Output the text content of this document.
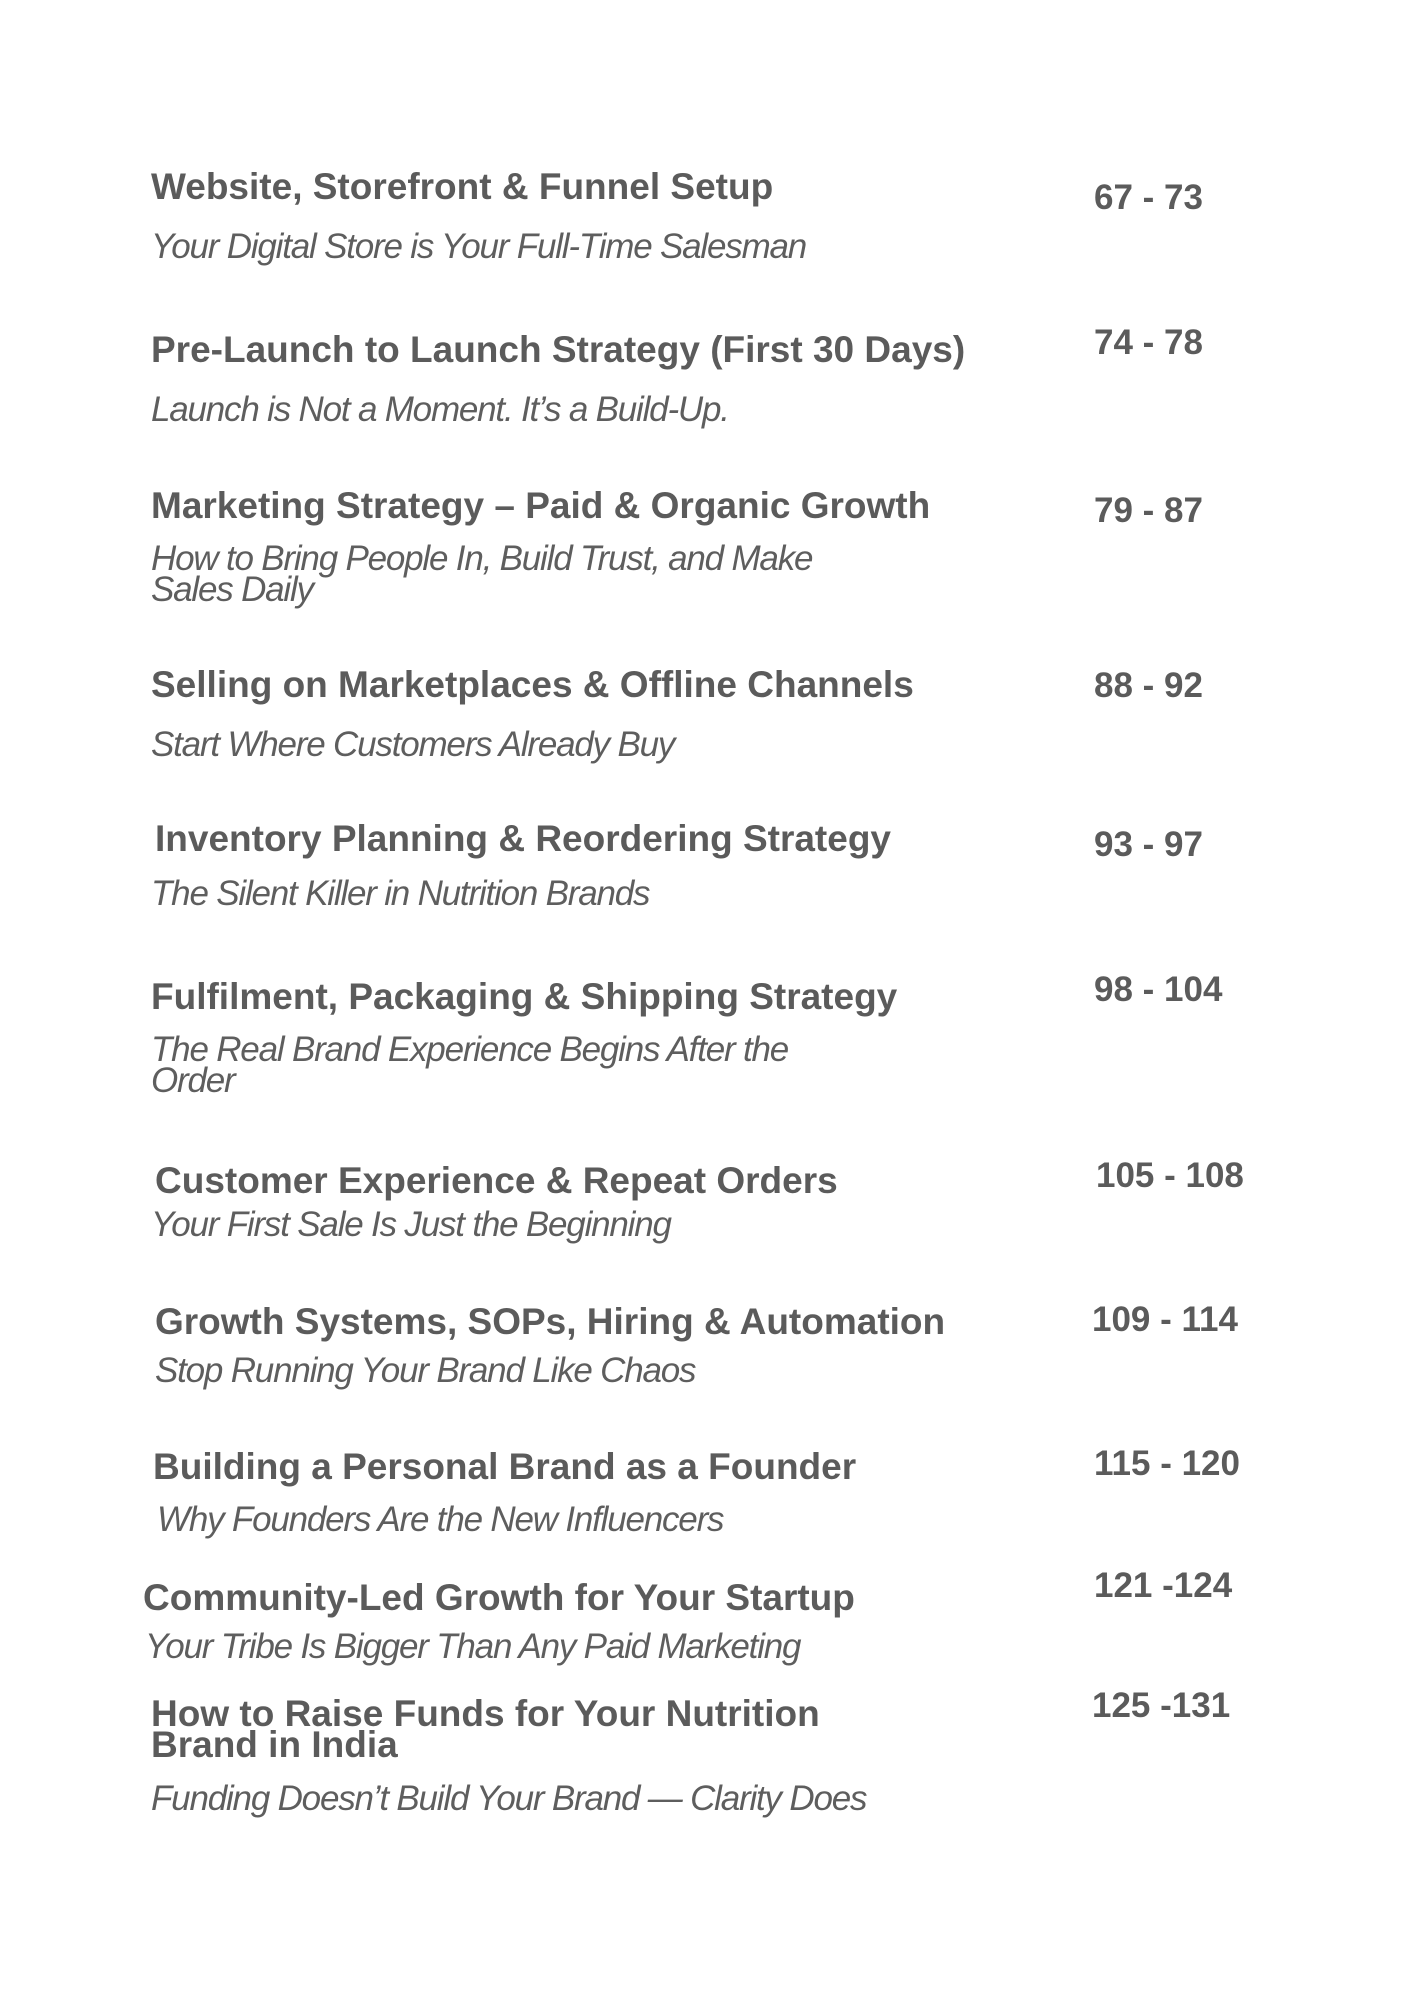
Website, Storefront & Funnel Setup

Your Digital Store is Your Full-Time Salesman

67 - 73

Pre-Launch to Launch Strategy (First 30 Days)

Launch is Not a Moment. It’s a Build-Up.

74 - 78

Marketing Strategy – Paid & Organic Growth

How to Bring People In, Build Trust, and Make Sales Daily

79 - 87

Selling on Marketplaces & Offline Channels

Start Where Customers Already Buy

88 - 92

Inventory Planning & Reordering Strategy

The Silent Killer in Nutrition Brands

93 - 97

Fulfilment, Packaging & Shipping Strategy

The Real Brand Experience Begins After the Order

98 - 104

Customer Experience & Repeat Orders

Your First Sale Is Just the Beginning

105 - 108

Growth Systems, SOPs, Hiring & Automation

Stop Running Your Brand Like Chaos

109 - 114

Building a Personal Brand as a Founder

Why Founders Are the New Influencers

115 - 120

Community-Led Growth for Your Startup

Your Tribe Is Bigger Than Any Paid Marketing

121 -124

How to Raise Funds for Your Nutrition Brand in India

Funding Doesn’t Build Your Brand — Clarity Does

125 -131
